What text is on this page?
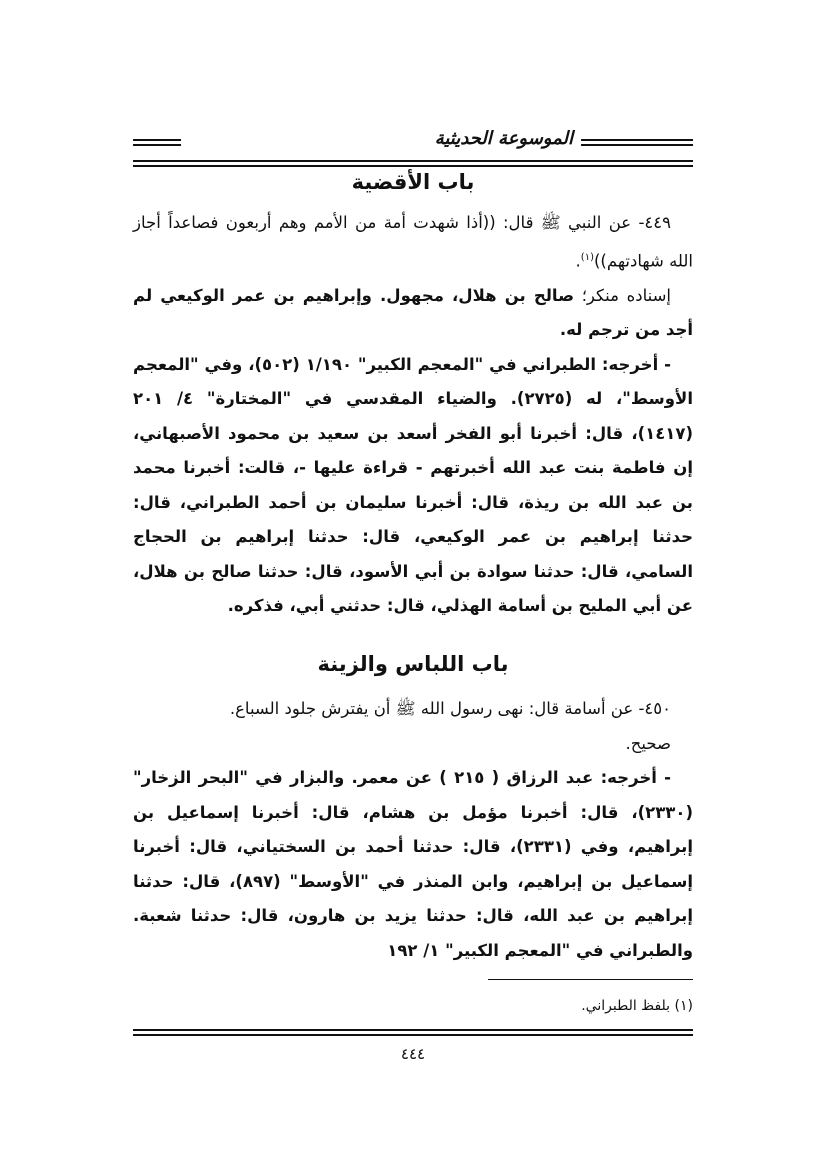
الموسوعة الحديثية
باب الأقضية

٤٤٩- عن النبي ﷺ قال: ((أذا شهدت أمة من الأمم وهم أربعون فصاعداً أجاز الله شهادتهم))$^{(١)}$.

إسناده منكر؛ صالح بن هلال، مجهول. وإبراهيم بن عمر الوكيعي لم أجد من ترجم له.

- أخرجه: الطبراني في "المعجم الكبير" ١/١٩٠ (٥٠٢)، وفي "المعجم الأوسط"، له (٢٧٢٥). والضياء المقدسي في "المختارة" ٤/ ٢٠١ (١٤١٧)، قال: أخبرنا أبو الفخر أسعد بن سعيد بن محمود الأصبهاني، إن فاطمة بنت عبد الله أخبرتهم - قراءة عليها -، قالت: أخبرنا محمد بن عبد الله بن ريذة، قال: أخبرنا سليمان بن أحمد الطبراني، قال: حدثنا إبراهيم بن عمر الوكيعي، قال: حدثنا إبراهيم بن الحجاج السامي، قال: حدثنا سوادة بن أبي الأسود، قال: حدثنا صالح بن هلال، عن أبي المليح بن أسامة الهذلي، قال: حدثني أبي، فذكره.

باب اللباس والزينة

٤٥٠- عن أسامة قال: نهى رسول الله ﷺ أن يفترش جلود السباع.

صحيح.

- أخرجه: عبد الرزاق ( ٢١٥ ) عن معمر. والبزار في "البحر الزخار" (٢٣٣٠)، قال: أخبرنا مؤمل بن هشام، قال: أخبرنا إسماعيل بن إبراهيم، وفي (٢٣٣١)، قال: حدثنا أحمد بن السختياني، قال: أخبرنا إسماعيل بن إبراهيم، وابن المنذر في "الأوسط" (٨٩٧)، قال: حدثنا إبراهيم بن عبد الله، قال: حدثنا يزيد بن هارون، قال: حدثنا شعبة. والطبراني في "المعجم الكبير" ١/ ١٩٢

(١) بلفظ الطبراني.
٤٤٤
